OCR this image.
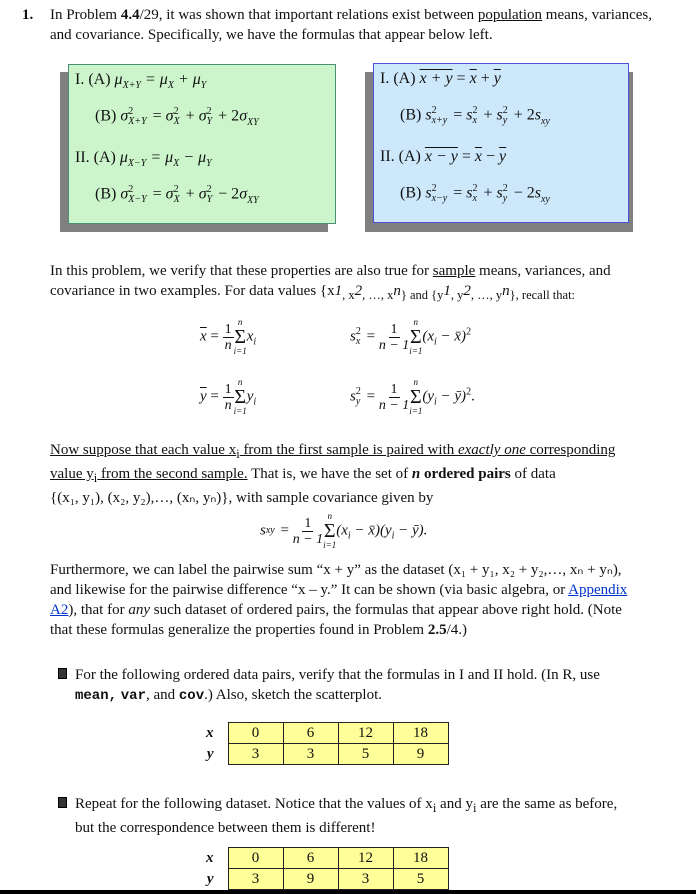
1. In Problem 4.4/29, it was shown that important relations exist between population means, variances, and covariance. Specifically, we have the formulas that appear below left.
I. (A) $\mu_{X+Y} = \mu_X + \mu_Y$
(B) σ 2
X+Y = σ 2
X + σ 2
$Y + 2\sigma_{XY}$
II. (A) $\mu_{X-Y} = \mu_X - \mu_Y$
(B) σ 2
X−Y = σ 2
X + σ 2
$Y - 2\sigma_{XY}$
I. (A) $x + y = \overline{x} + \overline{y}$
(B) s 2
x+y = s 2
x + s 2
$y + 2s_{xy}$
II. (A) $x - y = \overline{x} - \overline{y}$
(B) s 2
x−y = s 2
x + s 2
$y - 2s_{xy}$
In this problem, we verify that these properties are also true for sample means, variances, and covariance in two examples. For data values {$x1_{, x}2_{, \dots, x}n_{\} and \{y}1_{, y}2_{, \dots, y}n_{\}, recall that:}$
$\overline{x} = \frac{1}{n}$ n
Σ
i=1
$x_i$	s 2
$x = \frac{1}{n - 1}$ n
Σ
i=1
($x_i$ − x̄)$^2$
$\overline{y} = \frac{1}{n}$ n
Σ
i=1
$y_i$	s 2
$y = \frac{1}{n - 1}$ n
Σ
i=1
($y_i$ − ȳ)$^2$.
Now suppose that each value $x_i$ from the first sample is paired with exactly one corresponding
value $y_i$ from the second sample. That is, we have the set of n ordered pairs of data
{(x₁, y₁), (x₂, y₂),…, (xₙ, yₙ)}, with sample covariance given by
s xy = $\frac{1}{n - 1}$ n
Σ
i=1
($x_i$ − $x̄)(y_i$ − ȳ).
Furthermore, we can label the pairwise sum “x + y” as the dataset (x₁ + y₁, x₂ + y₂,…, xₙ + yₙ),
and likewise for the pairwise difference “x – y.” It can be shown (via basic algebra, or Appendix
A2), that for any such dataset of ordered pairs, the formulas that appear above right hold. (Note
that these formulas generalize the properties found in Problem 2.5/4.)
For the following ordered data pairs, verify that the formulas in I and II hold. (In R, use
mean, var, and cov.) Also, sketch the scatterplot.
x	0	6	12	18
y	3	3	5	9
Repeat for the following dataset. Notice that the values of $x_i$ and $y_i$ are the same as before,
but the correspondence between them is different!
x	0	6	12	18
y	3	9	3	5
